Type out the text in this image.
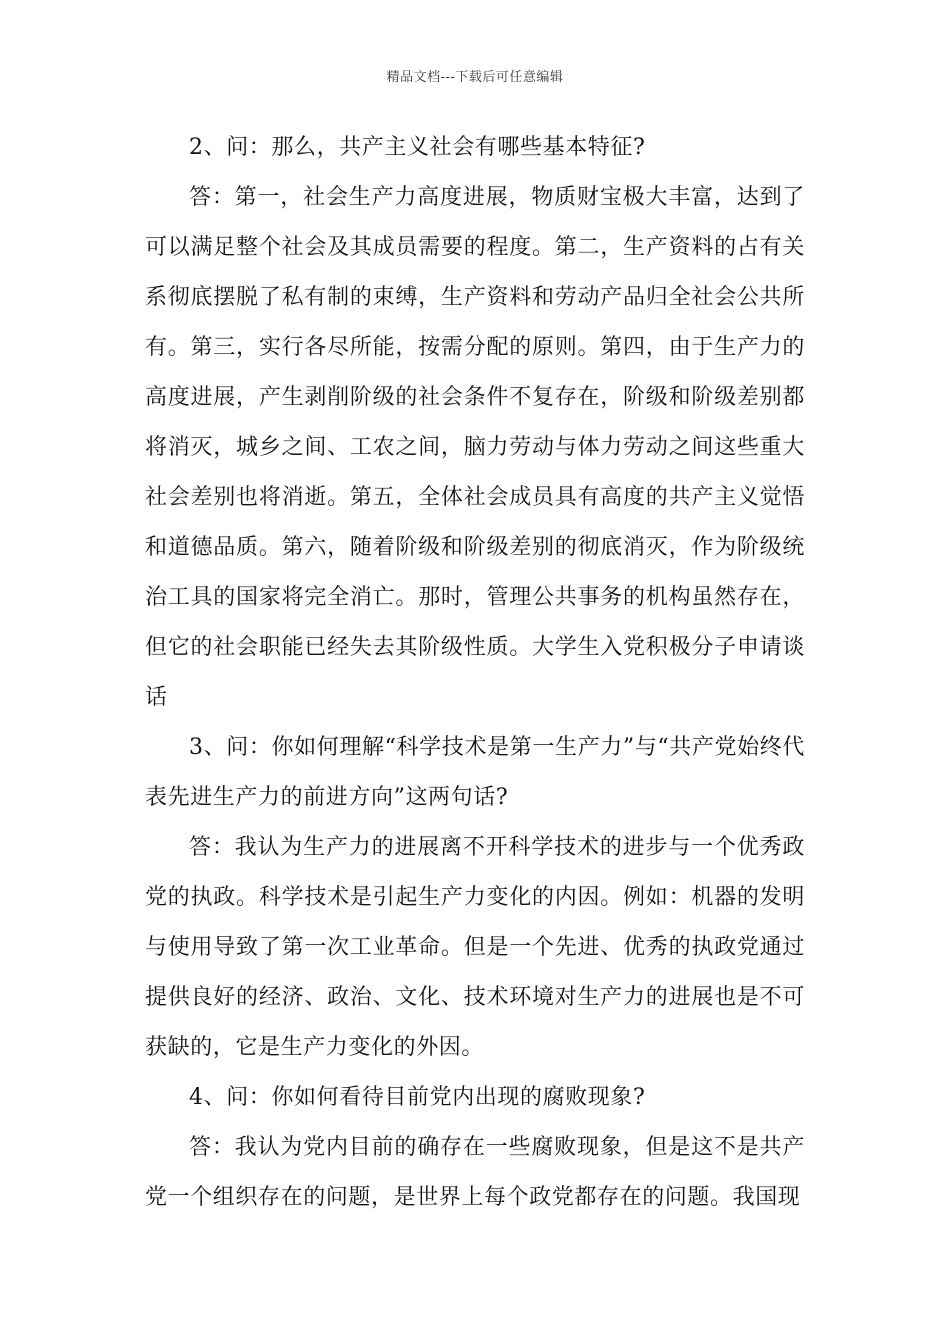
精品文档---下载后可任意编辑

2、问：那么，共产主义社会有哪些基本特征?

答：第一，社会生产力高度进展，物质财宝极大丰富，达到了可以满足整个社会及其成员需要的程度。第二，生产资料的占有关系彻底摆脱了私有制的束缚，生产资料和劳动产品归全社会公共所有。第三，实行各尽所能，按需分配的原则。第四，由于生产力的高度进展，产生剥削阶级的社会条件不复存在，阶级和阶级差别都将消灭，城乡之间、工农之间，脑力劳动与体力劳动之间这些重大社会差别也将消逝。第五，全体社会成员具有高度的共产主义觉悟和道德品质。第六，随着阶级和阶级差别的彻底消灭，作为阶级统治工具的国家将完全消亡。那时，管理公共事务的机构虽然存在，但它的社会职能已经失去其阶级性质。大学生入党积极分子申请谈话

3、问：你如何理解“科学技术是第一生产力”与“共产党始终代表先进生产力的前进方向”这两句话?

答：我认为生产力的进展离不开科学技术的进步与一个优秀政党的执政。科学技术是引起生产力变化的内因。例如：机器的发明与使用导致了第一次工业革命。但是一个先进、优秀的执政党通过提供良好的经济、政治、文化、技术环境对生产力的进展也是不可获缺的，它是生产力变化的外因。

4、问：你如何看待目前党内出现的腐败现象?

答：我认为党内目前的确存在一些腐败现象，但是这不是共产党一个组织存在的问题，是世界上每个政党都存在的问题。我国现
